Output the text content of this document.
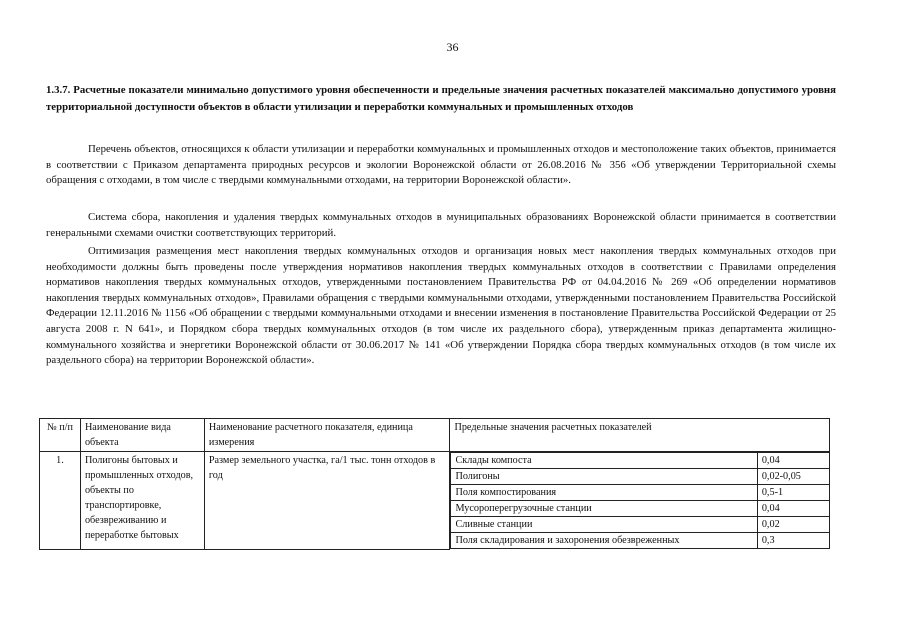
36
1.3.7. Расчетные показатели минимально допустимого уровня обеспеченности и предельные значения расчетных показателей максимально допустимого уровня территориальной доступности объектов в области утилизации и переработки коммунальных и промышленных отходов
Перечень объектов, относящихся к области утилизации и переработки коммунальных и промышленных отходов и местоположение таких объектов, принимается в соответствии с Приказом департамента природных ресурсов и экологии Воронежской области от 26.08.2016 № 356 «Об утверждении Территориальной схемы обращения с отходами, в том числе с твердыми коммунальными отходами, на территории Воронежской области».
Система сбора, накопления и удаления твердых коммунальных отходов в муниципальных образованиях Воронежской области принимается в соответствии генеральными схемами очистки соответствующих территорий.
Оптимизация размещения мест накопления твердых коммунальных отходов и организация новых мест накопления твердых коммунальных отходов при необходимости должны быть проведены после утверждения нормативов накопления твердых коммунальных отходов в соответствии с Правилами определения нормативов накопления твердых коммунальных отходов, утвержденными постановлением Правительства РФ от 04.04.2016 № 269 «Об определении нормативов накопления твердых коммунальных отходов», Правилами обращения с твердыми коммунальными отходами, утвержденными постановлением Правительства Российской Федерации 12.11.2016 № 1156 «Об обращении с твердыми коммунальными отходами и внесении изменения в постановление Правительства Российской Федерации от 25 августа 2008 г. N 641», и Порядком сбора твердых коммунальных отходов (в том числе их раздельного сбора), утвержденным приказ департамента жилищно-коммунального хозяйства и энергетики Воронежской области от 30.06.2017 № 141 «Об утверждении Порядка сбора твердых коммунальных отходов (в том числе их раздельного сбора) на территории Воронежской области».
№ п/п	Наименование вида объекта	Наименование расчетного показателя, единица измерения	Предельные значения расчетных показателей
1.	Полигоны бытовых и промышленных отходов, объекты по транспортировке, обезвреживанию и переработке бытовых	Размер земельного участка, га/1 тыс. тонн отходов в год	
Склады компоста	0,04
Полигоны	0,02-0,05
Поля компостирования	0,5-1
Мусороперегрузочные станции	0,04
Сливные станции	0,02
Поля складирования и захоронения обезвреженных	0,3
